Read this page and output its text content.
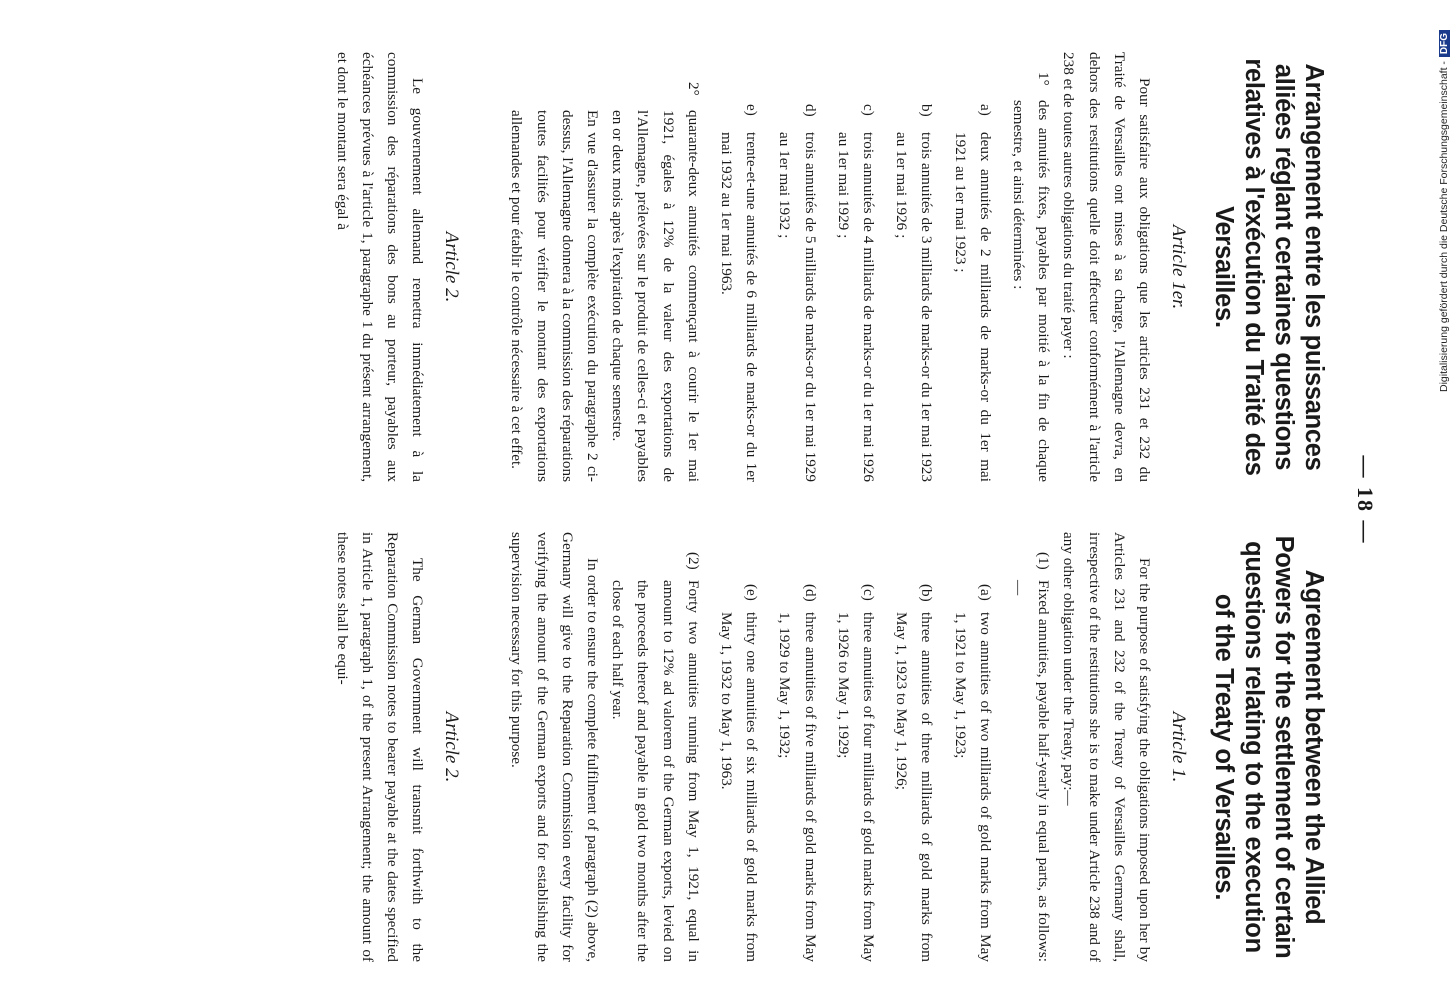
— 18 —
Arrangement entre les puissances alliées réglant certaines questions relatives à l'exécution du Traité des Versailles.
Article 1er.

Pour satisfaire aux obligations que les articles 231 et 232 du Traité de Versailles ont mises à sa charge, l'Allemagne devra, en dehors des restitutions quelle doit effectuer conformément à l'article 238 et de toutes autres obligations du traité payer :

1°
des annuités fixes, payables par moitié à la fin de chaque semestre, et ainsi déterminées :
a)
deux annuités de 2 milliards de marks-or du 1er mai 1921 au 1er mai 1923 ;
b)
trois annuités de 3 milliards de marks-or du 1er mai 1923 au 1er mai 1926 ;
c)
trois annuités de 4 milliards de marks-or du 1er mai 1926 au 1er mai 1929 ;
d)
trois annuités de 5 milliards de marks-or du 1er mai 1929 au 1er mai 1932 ;
e)
trente-et-une annuités de 6 milliards de marks-or du 1er mai 1932 au 1er mai 1963.
2°
quarante-deux annuités commençant à courir le 1er mai 1921, égales à 12% de la valeur des exportations de l'Allemagne, prélevées sur le produit de celles-ci et payables en or deux mois après l'expiration de chaque semestre.

En vue d'assurer la complète exécution du paragraphe 2 ci-dessus, l'Allemagne donnera à la commission des réparations toutes facilités pour vérifier le montant des exportations allemandes et pour établir le contrôle nécessaire à cet effet.

Article 2.

Le gouvernement allemand remettra immédiatement à la commission des réparations des bons au porteur, payables aux échéances prévues à l'article 1, paragraphe 1 du présent arrangement, et dont le montant sera égal à

Agreement between the Allied Powers for the settlement of certain questions relating to the execution of the Treaty of Versailles.
Article 1.

For the purpose of satisfying the obligations imposed upon her by Articles 231 and 232 of the Treaty of Versailles Germany shall, irrespective of the restitutions she is to make under Article 238 and of any other obligation under the Treaty, pay:—

(1)
Fixed annuities, payable half-yearly in equal parts, as follows:—
(a)
two annuities of two milliards of gold marks from May 1, 1921 to May 1, 1923;
(b)
three annuities of three milliards of gold marks from May 1, 1923 to May 1, 1926;
(c)
three annuities of four milliards of gold marks from May 1, 1926 to May 1, 1929;
(d)
three annuities of five milliards of gold marks from May 1, 1929 to May 1, 1932;
(e)
thirty one annuities of six milliards of gold marks from May 1, 1932 to May 1, 1963.
(2)
Forty two annuities running from May 1, 1921, equal in amount to 12% ad valorem of the German exports, levied on the proceeds thereof and payable in gold two months after the close of each half year.

In order to ensure the complete fulfilment of paragraph (2) above, Germany will give to the Reparation Commission every facility for verifying the amount of the German exports and for establishing the supervision necessary for this purpose.

Article 2.

The German Government will transmit forthwith to the Reparation Commission notes to bearer payable at the dates specified in Article 1, paragraph 1, of the present Arrangement; the amount of these notes shall be equi-

Digitalisierung gefördert durch die Deutsche Forschungsgemeinschaft -DFG
